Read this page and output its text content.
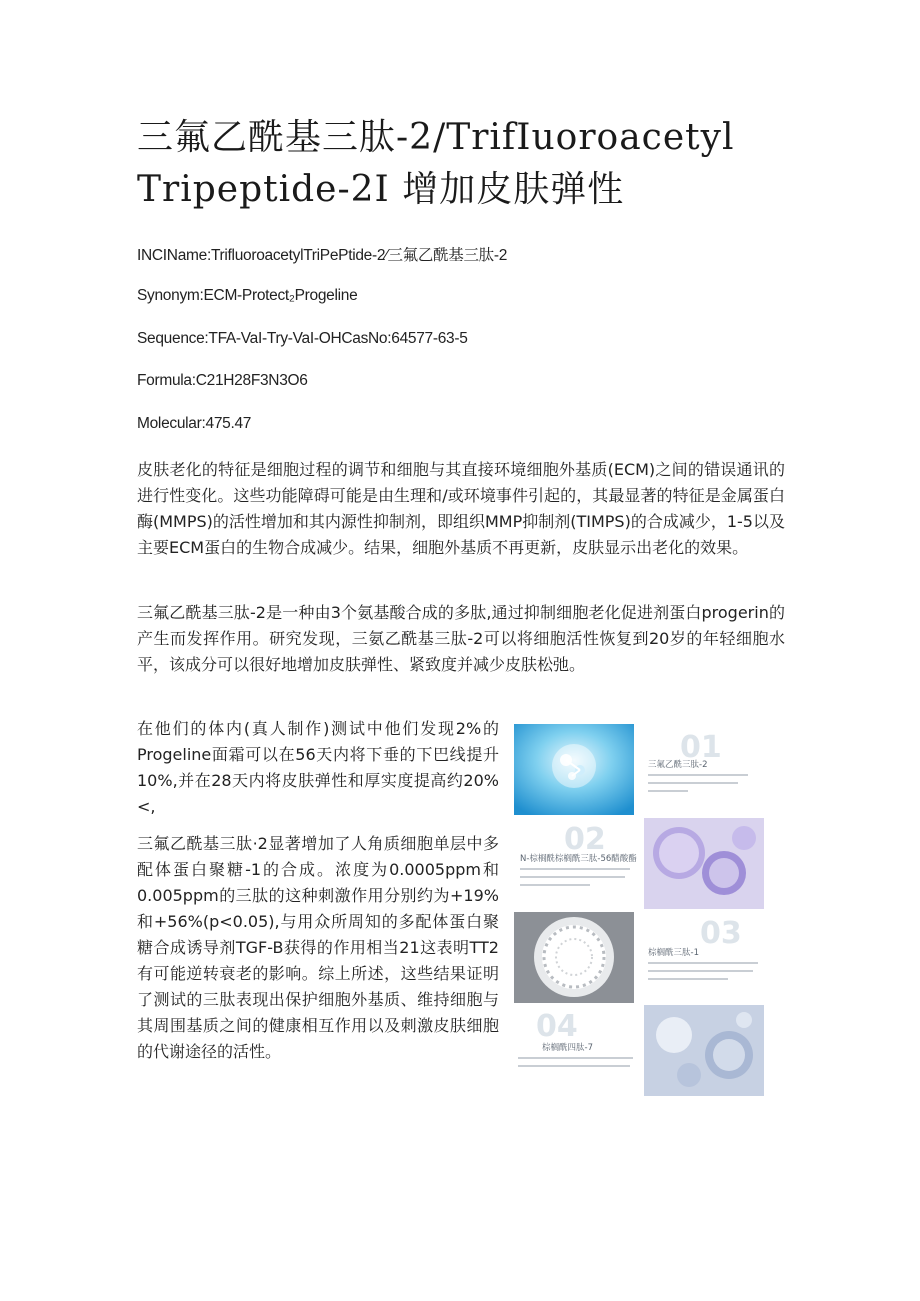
三氟乙酰基三肽-2/TrifIuoroacetyl
Tripeptide-2I 增加皮肤弹性

INCIName:TrifluoroacetylTriPePtide-2∕三氟乙酰基三肽-2

Synonym:ECM-Protect₂Progeline

Sequence:TFA-VaI-Try-VaI-OHCasNo:64577-63-5

Formula:C21H28F3N3O6

Molecular:475.47

皮肤老化的特征是细胞过程的调节和细胞与其直接环境细胞外基质(ECM)之间的错误通讯的进行性变化。这些功能障碍可能是由生理和/或环境事件引起的，其最显著的特征是金属蛋白酶(MMPS)的活性增加和其内源性抑制剂，即组织MMP抑制剂(TIMPS)的合成减少，1-5以及主要ECM蛋白的生物合成减少。结果，细胞外基质不再更新，皮肤显示出老化的效果。

三氟乙酰基三肽-2是一种由3个氨基酸合成的多肽,通过抑制细胞老化促进剂蛋白progerin的产生而发挥作用。研究发现，三氨乙酰基三肽-2可以将细胞活性恢复到20岁的年轻细胞水平，该成分可以很好地增加皮肤弹性、紧致度并减少皮肤松弛。

在他们的体内(真人制作)测试中他们发现2%的Progeline面霜可以在56天内将下垂的下巴线提升10%,并在28天内将皮肤弹性和厚实度提高约20%<,

三氟乙酰基三肽·2显著增加了人角质细胞单层中多配体蛋白聚糖-1的合成。浓度为0.0005ppm和0.005ppm的三肽的这种刺激作用分别约为+19%和+56%(p<0.05),与用众所周知的多配体蛋白聚糖合成诱导剂TGF-B获得的作用相当21这表明TT2有可能逆转衰老的影响。综上所述，这些结果证明了测试的三肽表现出保护细胞外基质、维持细胞与其周围基质之间的健康相互作用以及刺激皮肤细胞的代谢途径的活性。

01
三氟乙酰三肽-2
02
N-棕榈酰棕榈酰三肽-56醋酸酯
03
棕榈酰三肽-1
04
棕榈酰四肽-7
